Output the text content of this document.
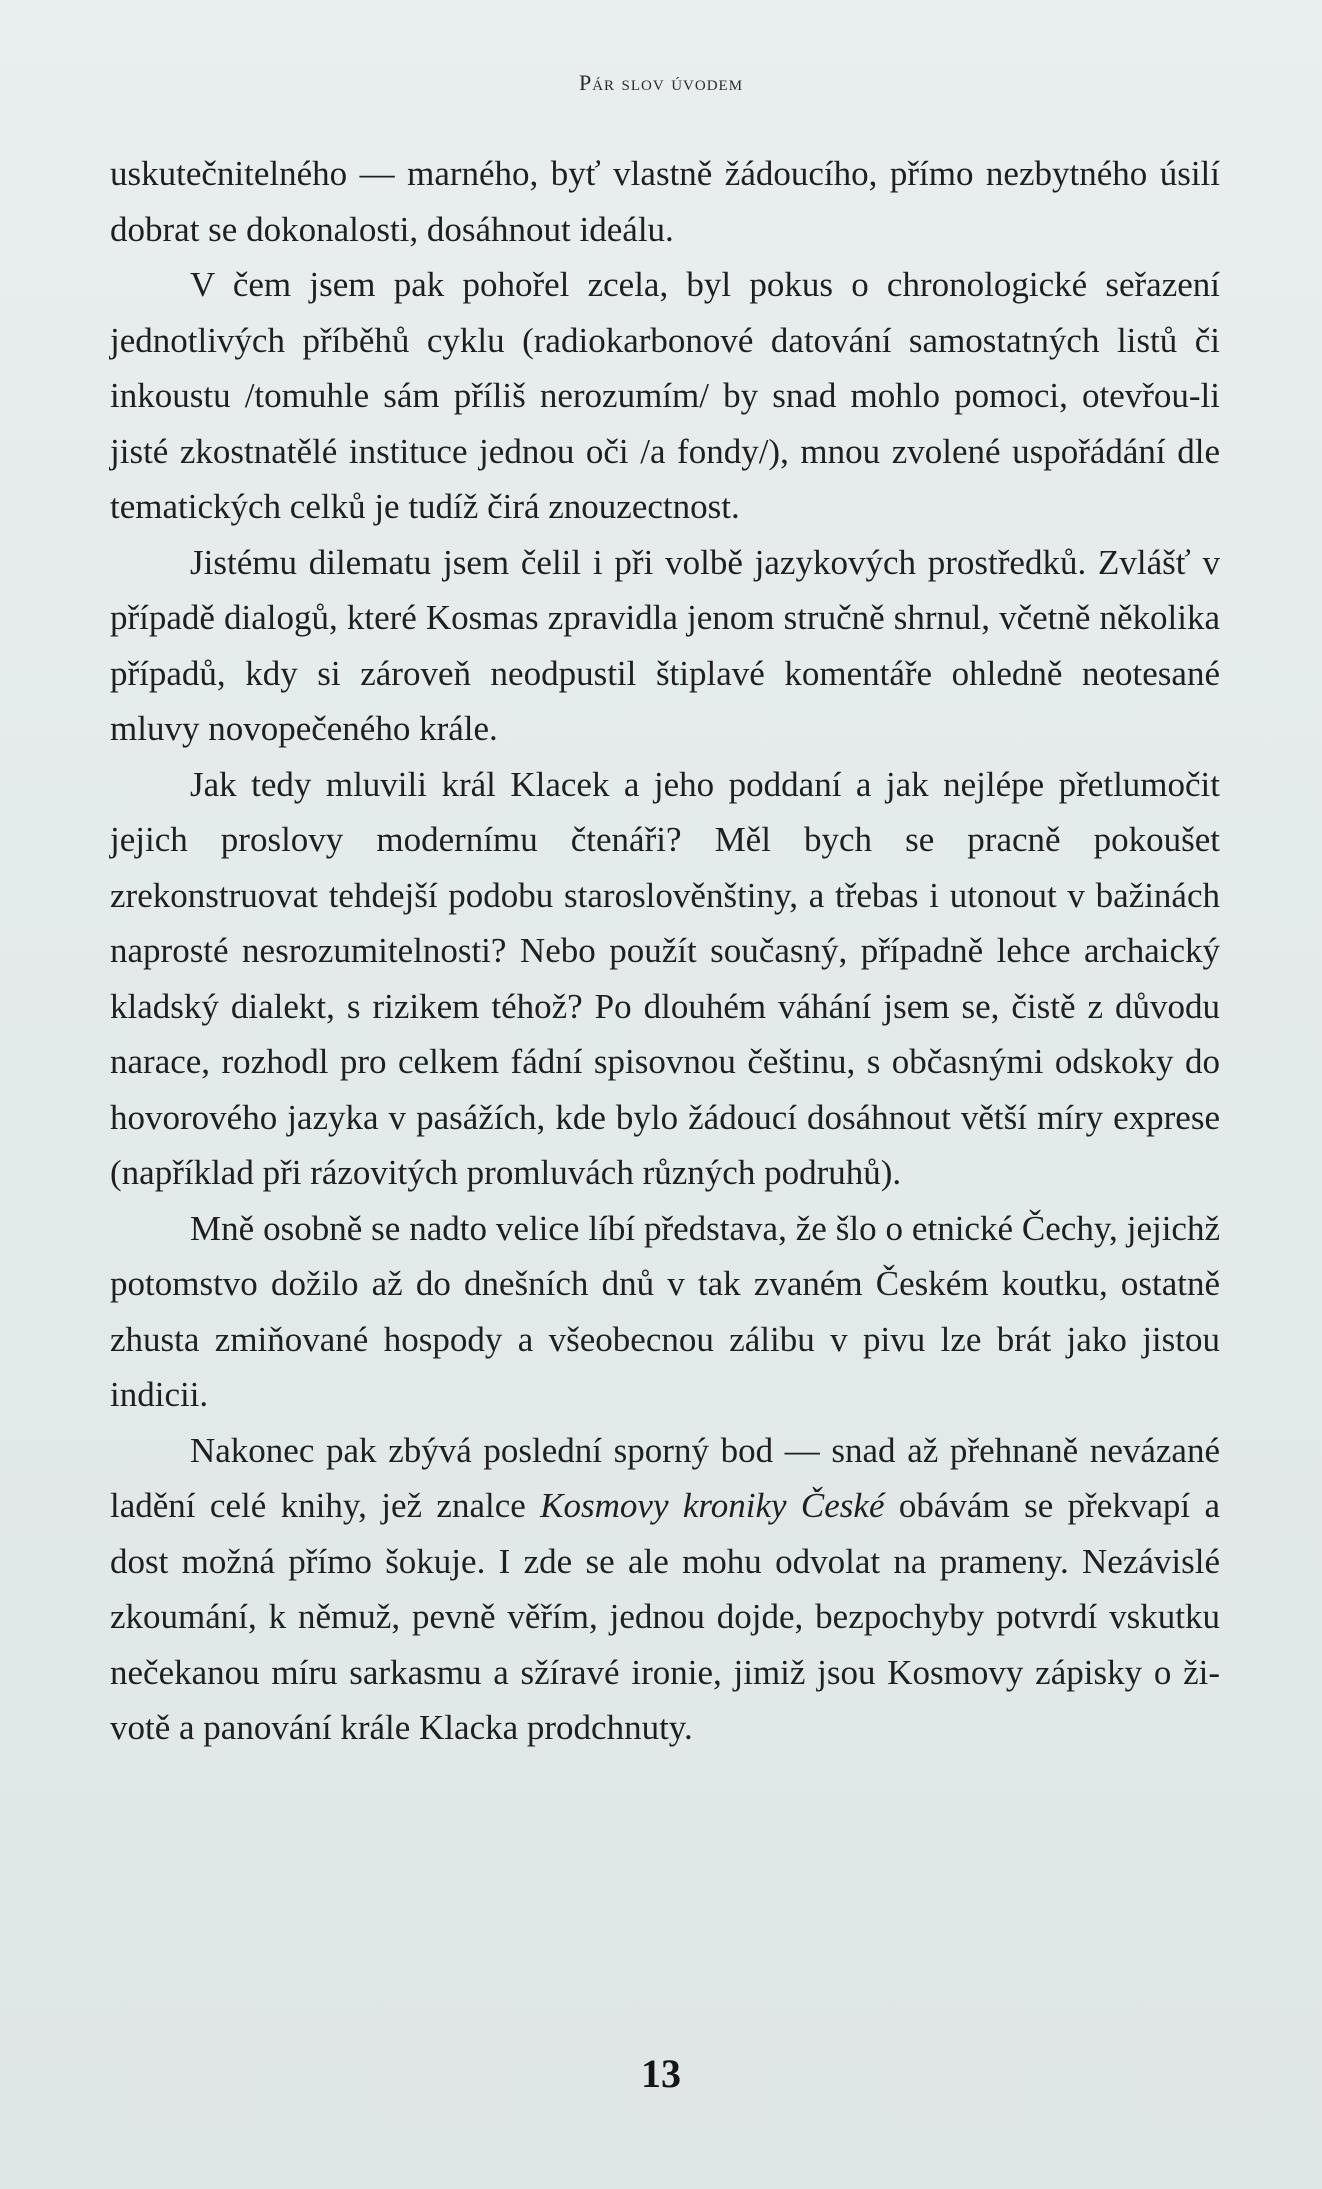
Pár slov úvodem

uskutečnitelného — marného, byť vlastně žádoucího, přímo nezbytného úsilí dobrat se dokonalosti, dosáhnout ideálu.

V čem jsem pak pohořel zcela, byl pokus o chronologické seřazení jednotlivých příběhů cyklu (radiokarbonové datování samostatných listů či inkoustu /tomuhle sám příliš nerozumím/ by snad mohlo pomoci, otevřou-li jisté zkostnatělé instituce jednou oči /a fondy/), mnou zvolené uspořádání dle tematických celků je tudíž čirá znouzectnost.

Jistému dilematu jsem čelil i při volbě jazykových prostředků. Zvlášť v případě dialogů, které Kosmas zpravidla jenom stručně shrnul, včetně několika případů, kdy si zároveň neodpustil štiplavé komentáře ohledně neotesané mluvy novopečeného krále.

Jak tedy mluvili král Klacek a jeho poddaní a jak nejlépe přetlumočit jejich proslovy modernímu čtenáři? Měl bych se pracně pokoušet zrekonstruovat tehdejší podobu staroslověnštiny, a třebas i utonout v bažinách naprosté nesrozumitelnosti? Nebo použít současný, případně lehce archaický kladský dialekt, s rizikem téhož? Po dlouhém váhání jsem se, čistě z důvodu narace, rozhodl pro celkem fádní spisovnou češtinu, s občasnými odskoky do hovorového jazyka v pasážích, kde bylo žádoucí dosáhnout větší míry exprese (například při rázovitých promluvách různých podruhů).

Mně osobně se nadto velice líbí představa, že šlo o etnické Čechy, jejichž potomstvo dožilo až do dnešních dnů v tak zvaném Českém koutku, ostatně zhusta zmiňované hospody a všeobecnou zálibu v pivu lze brát jako jistou indicii.

Nakonec pak zbývá poslední sporný bod — snad až přehnaně nevázané ladění celé knihy, jež znalce Kosmovy kroniky České obávám se překvapí a dost možná přímo šokuje. I zde se ale mohu odvolat na prameny. Nezávislé zkoumání, k němuž, pevně věřím, jednou dojde, bezpochyby potvrdí vskutku nečekanou míru sarkasmu a sžíravé ironie, jimiž jsou Kosmovy zápisky o životě a panování krále Klacka prodchnuty.

13
